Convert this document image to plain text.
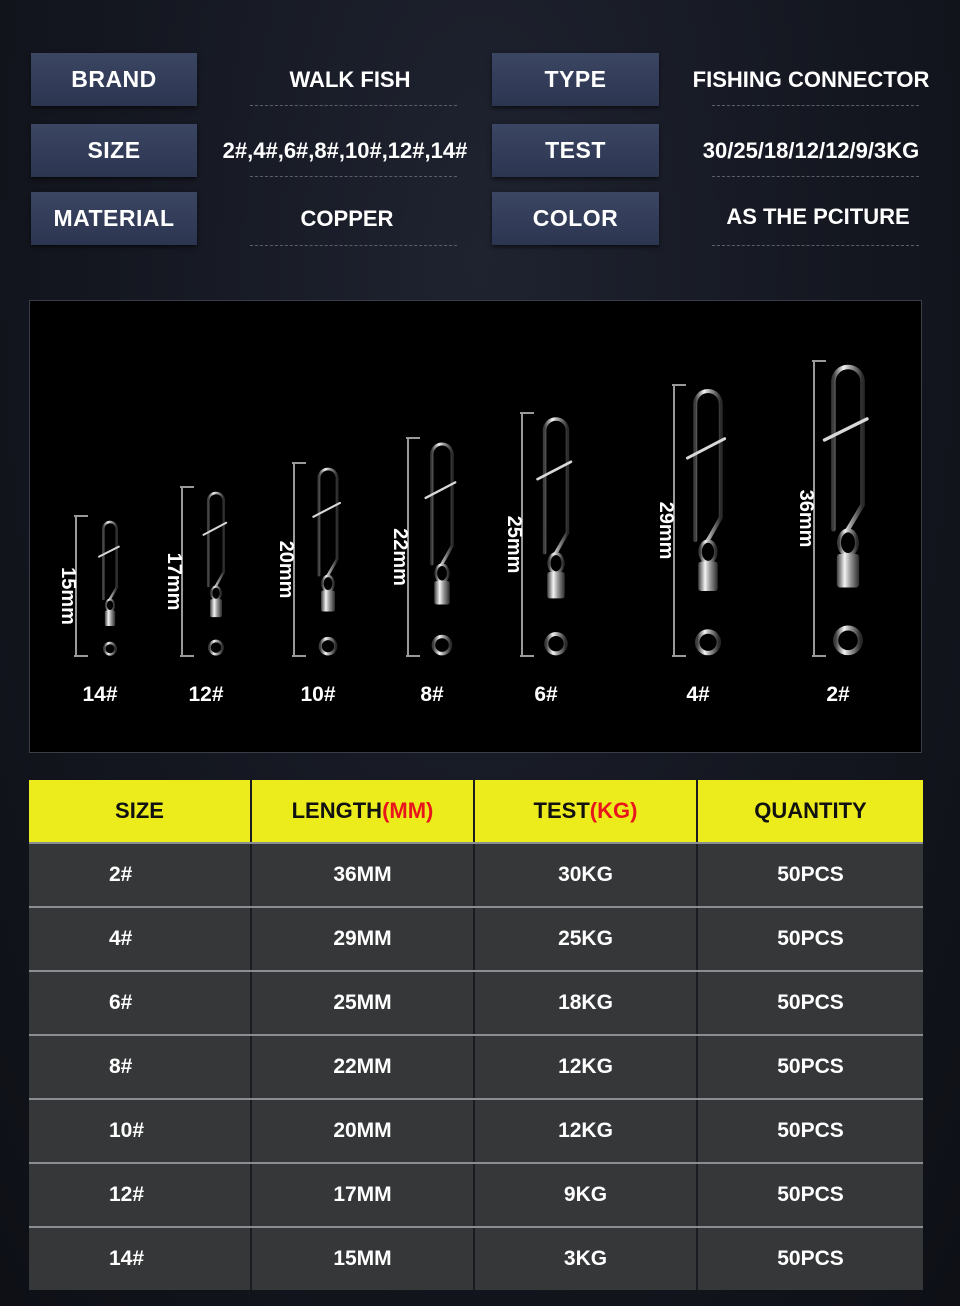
BRAND	WALK FISH	TYPE	FISHING CONNECTOR
SIZE	2#,4#,6#,8#,10#,12#,14#	TEST	30/25/18/12/12/9/3KG
MATERIAL	COPPER	COLOR	AS THE PCITURE
15mm
14#
17mm
12#
20mm
10#
22mm
8#
25mm
6#
29mm
4#
36mm
2#
SIZE	LENGTH (MM)	TEST (KG)	QUANTITY
2#	36MM	30KG	50PCS
4#	29MM	25KG	50PCS
6#	25MM	18KG	50PCS
8#	22MM	12KG	50PCS
10#	20MM	12KG	50PCS
12#	17MM	9KG	50PCS
14#	15MM	3KG	50PCS
